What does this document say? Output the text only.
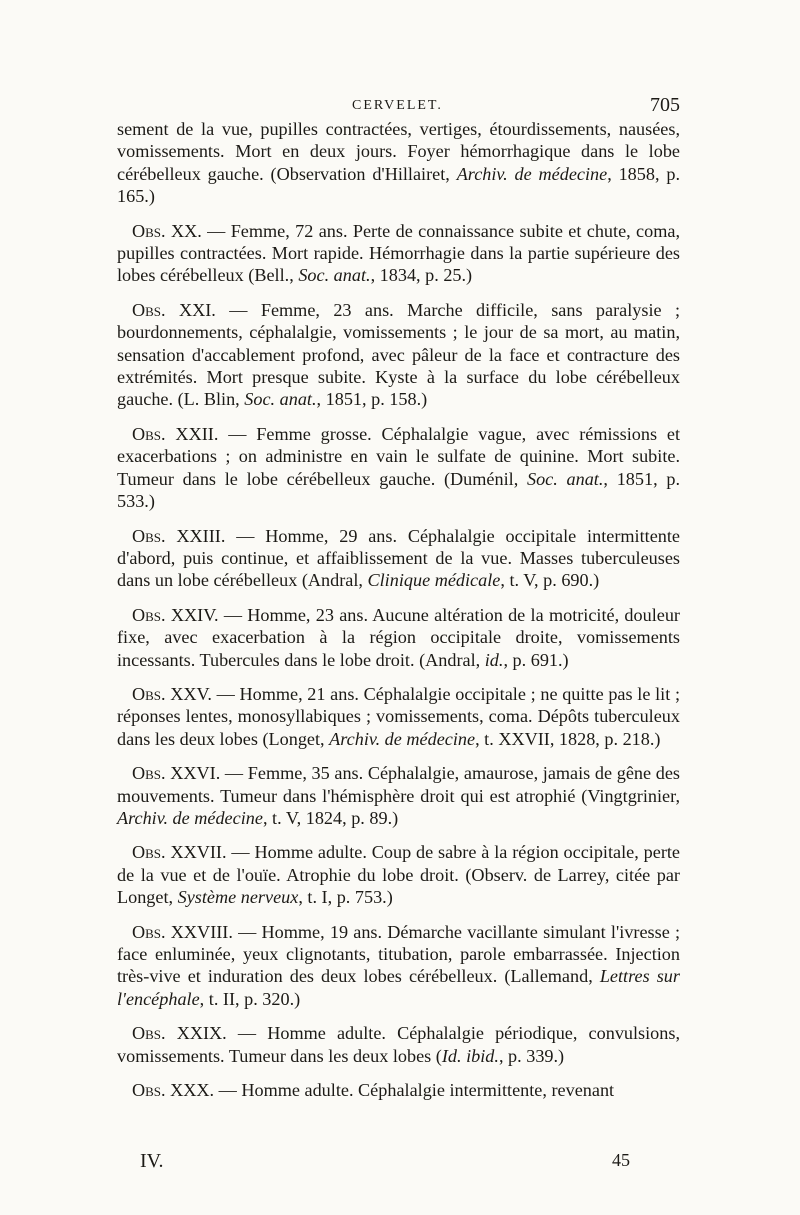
CERVELET.	705

sement de la vue, pupilles contractées, vertiges, étourdissements, nausées, vomissements. Mort en deux jours. Foyer hémorrhagique dans le lobe cérébelleux gauche. (Observation d'Hillairet, Archiv. de médecine, 1858, p. 165.)

Obs. XX. — Femme, 72 ans. Perte de connaissance subite et chute, coma, pupilles contractées. Mort rapide. Hémorrhagie dans la partie supérieure des lobes cérébelleux (Bell., Soc. anat., 1834, p. 25.)

Obs. XXI. — Femme, 23 ans. Marche difficile, sans paralysie ; bourdonnements, céphalalgie, vomissements ; le jour de sa mort, au matin, sensation d'accablement profond, avec pâleur de la face et contracture des extrémités. Mort presque subite. Kyste à la surface du lobe cérébelleux gauche. (L. Blin, Soc. anat., 1851, p. 158.)

Obs. XXII. — Femme grosse. Céphalalgie vague, avec rémissions et exacerbations ; on administre en vain le sulfate de quinine. Mort subite. Tumeur dans le lobe cérébelleux gauche. (Duménil, Soc. anat., 1851, p. 533.)

Obs. XXIII. — Homme, 29 ans. Céphalalgie occipitale intermittente d'abord, puis continue, et affaiblissement de la vue. Masses tuberculeuses dans un lobe cérébelleux (Andral, Clinique médicale, t. V, p. 690.)

Obs. XXIV. — Homme, 23 ans. Aucune altération de la motricité, douleur fixe, avec exacerbation à la région occipitale droite, vomissements incessants. Tubercules dans le lobe droit. (Andral, id., p. 691.)

Obs. XXV. — Homme, 21 ans. Céphalalgie occipitale ; ne quitte pas le lit ; réponses lentes, monosyllabiques ; vomissements, coma. Dépôts tuberculeux dans les deux lobes (Longet, Archiv. de médecine, t. XXVII, 1828, p. 218.)

Obs. XXVI. — Femme, 35 ans. Céphalalgie, amaurose, jamais de gêne des mouvements. Tumeur dans l'hémisphère droit qui est atrophié (Vingtgrinier, Archiv. de médecine, t. V, 1824, p. 89.)

Obs. XXVII. — Homme adulte. Coup de sabre à la région occipitale, perte de la vue et de l'ouïe. Atrophie du lobe droit. (Observ. de Larrey, citée par Longet, Système nerveux, t. I, p. 753.)

Obs. XXVIII. — Homme, 19 ans. Démarche vacillante simulant l'ivresse ; face enluminée, yeux clignotants, titubation, parole embarrassée. Injection très-vive et induration des deux lobes cérébelleux. (Lallemand, Lettres sur l'encéphale, t. II, p. 320.)

Obs. XXIX. — Homme adulte. Céphalalgie périodique, convulsions, vomissements. Tumeur dans les deux lobes (Id. ibid., p. 339.)

Obs. XXX. — Homme adulte. Céphalalgie intermittente, revenant

IV.	45
